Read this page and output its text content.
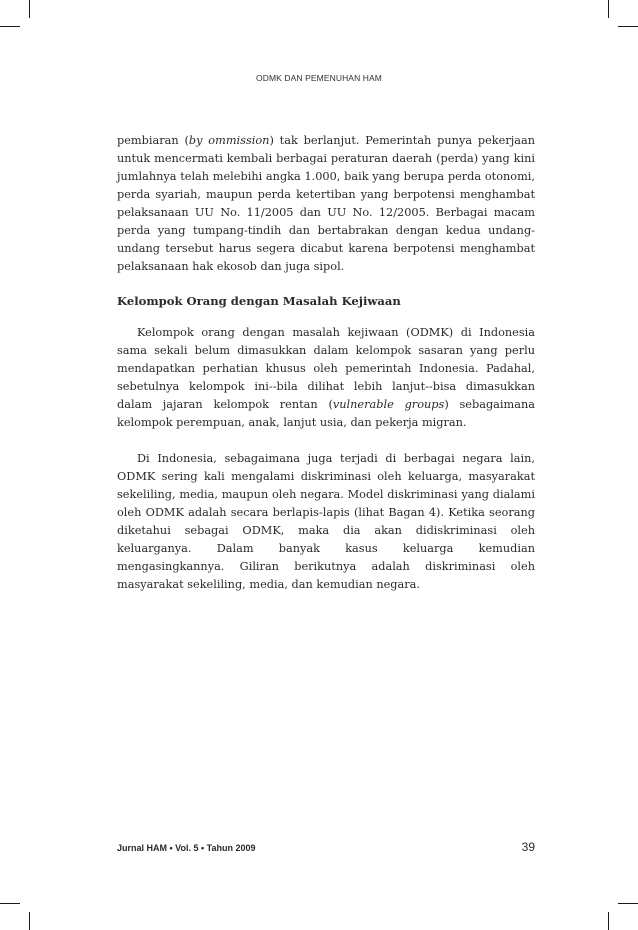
ODMK DAN PEMENUHAN HAM

pembiaran (by ommission) tak berlanjut. Pemerintah punya pekerjaan untuk mencermati kembali berbagai peraturan daerah (perda) yang kini jumlahnya telah melebihi angka 1.000, baik yang berupa perda otonomi, perda syariah, maupun perda ketertiban yang berpotensi menghambat pelaksanaan UU No. 11/2005 dan UU No. 12/2005. Berbagai macam perda yang tumpang-tindih dan bertabrakan dengan kedua undang-undang tersebut harus segera dicabut karena berpotensi menghambat pelaksanaan hak ekosob dan juga sipol.

Kelompok Orang dengan Masalah Kejiwaan

Kelompok orang dengan masalah kejiwaan (ODMK) di Indonesia sama sekali belum dimasukkan dalam kelompok sasaran yang perlu mendapatkan perhatian khusus oleh pemerintah Indonesia. Padahal, sebetulnya kelompok ini--bila dilihat lebih lanjut--bisa dimasukkan dalam jajaran kelompok rentan (vulnerable groups) sebagaimana kelompok perempuan, anak, lanjut usia, dan pekerja migran.

Di Indonesia, sebagaimana juga terjadi di berbagai negara lain, ODMK sering kali mengalami diskriminasi oleh keluarga, masyarakat sekeliling, media, maupun oleh negara. Model diskriminasi yang dialami oleh ODMK adalah secara berlapis-lapis (lihat Bagan 4). Ketika seorang diketahui sebagai ODMK, maka dia akan didiskriminasi oleh keluarganya. Dalam banyak kasus keluarga kemudian mengasingkannya. Giliran berikutnya adalah diskriminasi oleh masyarakat sekeliling, media, dan kemudian negara.

Jurnal HAM • Vol. 5 • Tahun 2009	39
